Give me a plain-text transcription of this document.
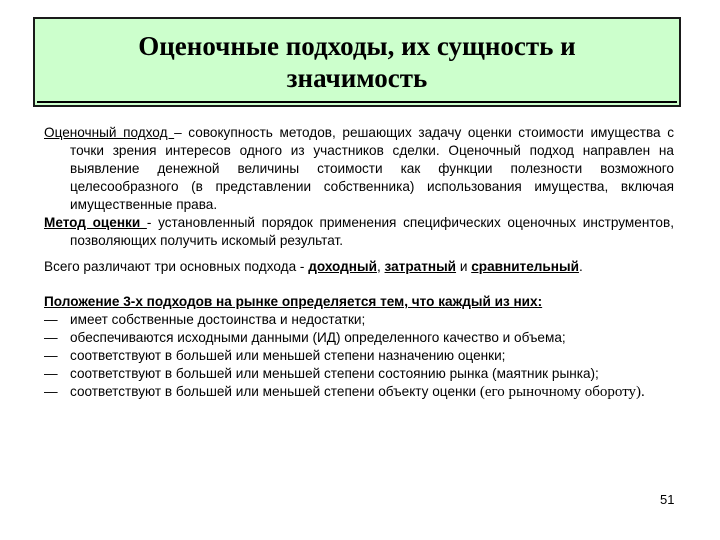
Оценочные подходы, их сущность и значимость

Оценочный подход – совокупность методов, решающих задачу оценки стоимости имущества с точки зрения интересов одного из участников сделки. Оценочный подход направлен на выявление денежной величины стоимости как функции полезности возможного целесообразного (в представлении собственника) использования имущества, включая имущественные права.

Метод оценки - установленный порядок применения специфических оценочных инструментов, позволяющих получить искомый результат.

Всего различают три основных подхода - доходный, затратный и сравнительный.

Положение 3-х подходов на рынке определяется тем, что каждый из них:

— имеет собственные достоинства и недостатки;
— обеспечиваются исходными данными (ИД) определенного качество и объема;
— соответствуют в большей или меньшей степени назначению оценки;
— соответствуют в большей или меньшей степени состоянию рынка (маятник рынка);
— соответствуют в большей или меньшей степени объекту оценки (его рыночному обороту).
51
